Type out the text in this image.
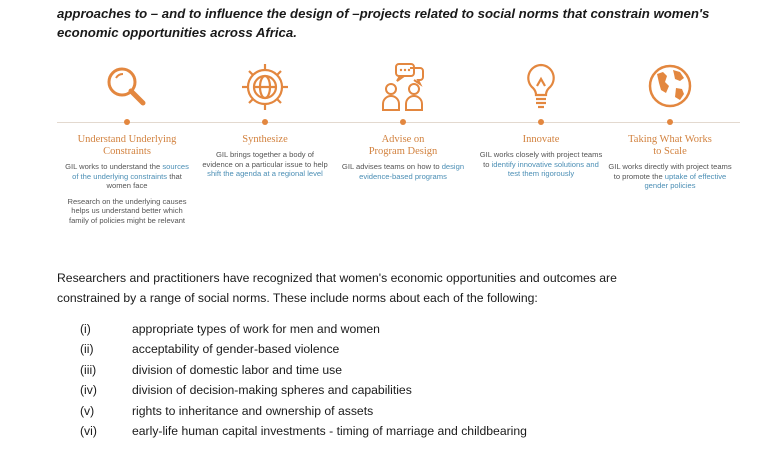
approaches to – and to influence the design of –projects related to social norms that constrain women's
economic opportunities across Africa.

Understand Underlying
Constraints
GIL works to understand the sources of the underlying constraints that women face
Research on the underlying causes helps us understand better which family of policies might be relevant
Synthesize

GIL brings together a body of evidence on a particular issue to help shift the agenda at a regional level
Advise on
Program Design
GIL advises teams on how to design evidence-based programs
Innovate

GIL works closely with project teams to identify innovative solutions and test them rigorously
Taking What Works
to Scale
GIL works directly with project teams to promote the uptake of effective gender policies

Researchers and practitioners have recognized that women's economic opportunities and outcomes are
constrained by a range of social norms. These include norms about each of the following:

(i)	appropriate types of work for men and women
(ii)	acceptability of gender-based violence
(iii)	division of domestic labor and time use
(iv)	division of decision-making spheres and capabilities
(v)	rights to inheritance and ownership of assets
(vi)	early-life human capital investments - timing of marriage and childbearing
